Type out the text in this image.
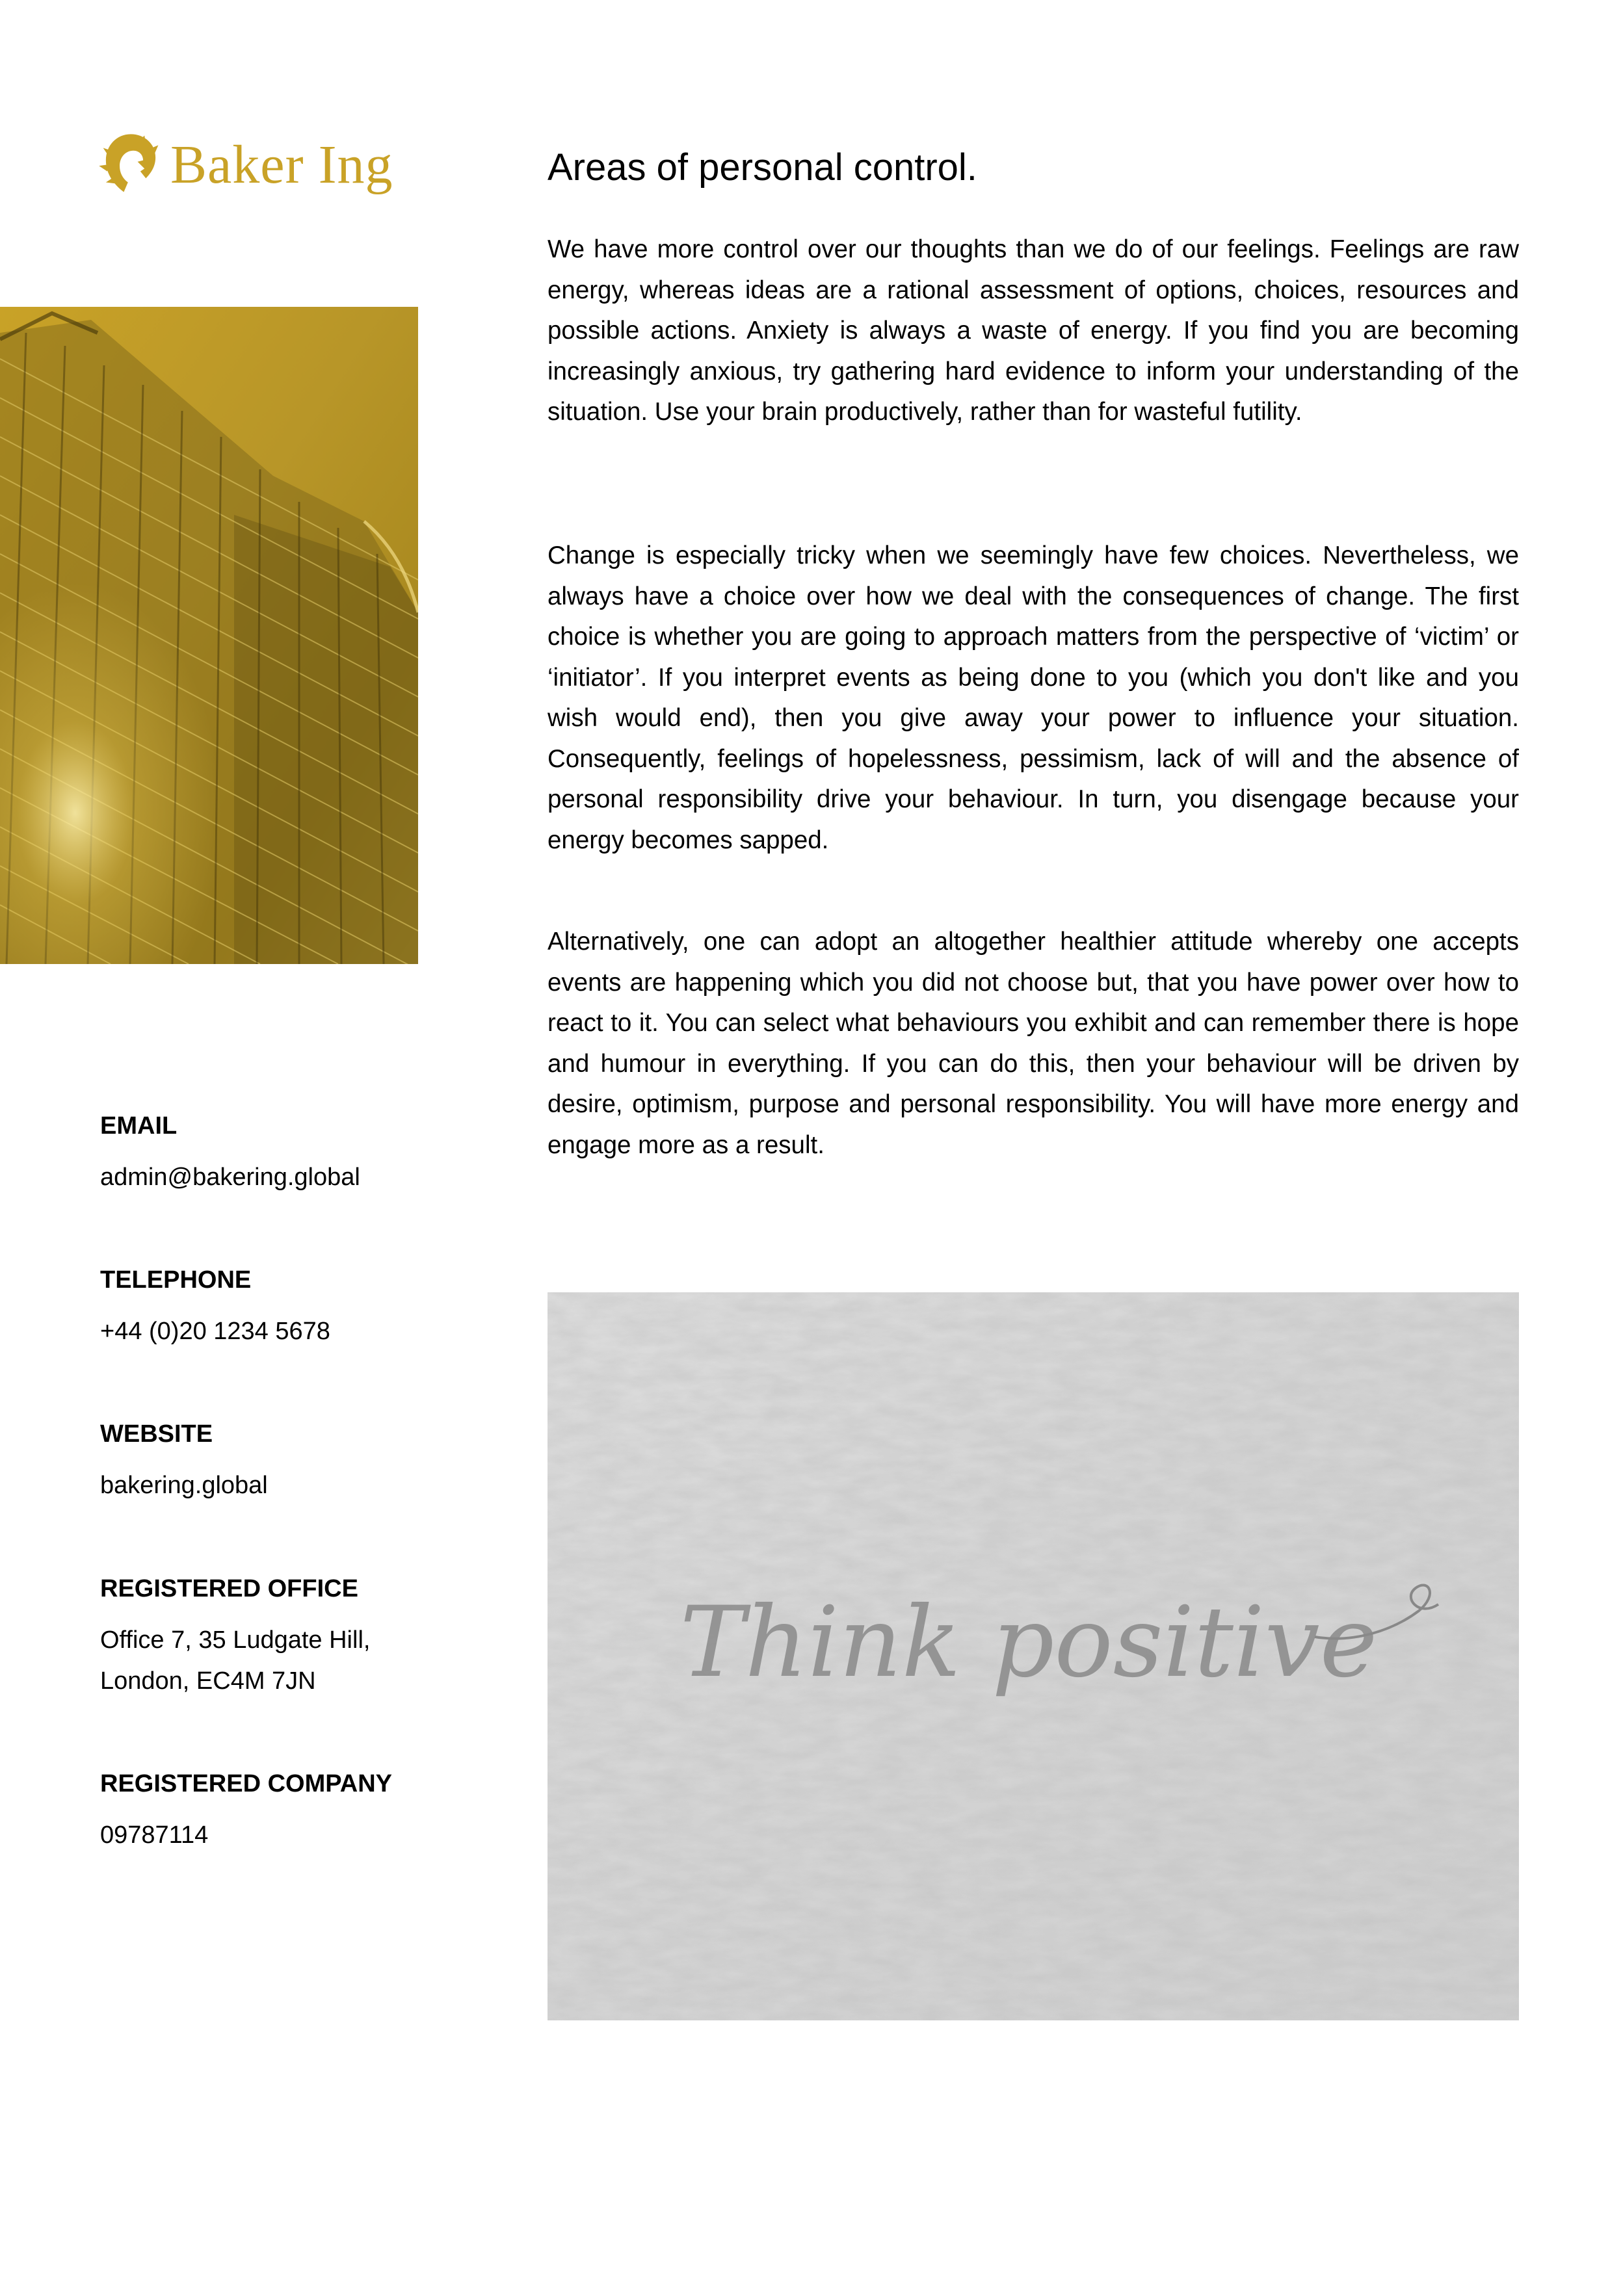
Baker Ing
EMAIL
admin@bakering.global
TELEPHONE
+44 (0)20 1234 5678
WEBSITE
bakering.global
REGISTERED OFFICE
Office 7, 35 Ludgate Hill,
London, EC4M 7JN
REGISTERED COMPANY
09787114
Areas of personal control.

We have more control over our thoughts than we do of our feelings. Feelings are raw energy, whereas ideas are a rational assessment of options, choices, resources and possible actions. Anxiety is always a waste of energy. If you find you are becoming increasingly anxious, try gathering hard evidence to inform your understanding of the situation. Use your brain productively, rather than for wasteful futility.

Change is especially tricky when we seemingly have few choices. Nevertheless, we always have a choice over how we deal with the consequences of change. The first choice is whether you are going to approach matters from the perspective of ‘victim’ or ‘initiator’. If you interpret events as being done to you (which you don't like and you wish would end), then you give away your power to influence your situation. Consequently, feelings of hopelessness, pessimism, lack of will and the absence of personal responsibility drive your behaviour. In turn, you disengage because your energy becomes sapped.

Alternatively, one can adopt an altogether healthier attitude whereby one accepts events are happening which you did not choose but, that you have power over how to react to it. You can select what behaviours you exhibit and can remember there is hope and humour in everything. If you can do this, then your behaviour will be driven by desire, optimism, purpose and personal responsibility. You will have more energy and engage more as a result.

Think positive
